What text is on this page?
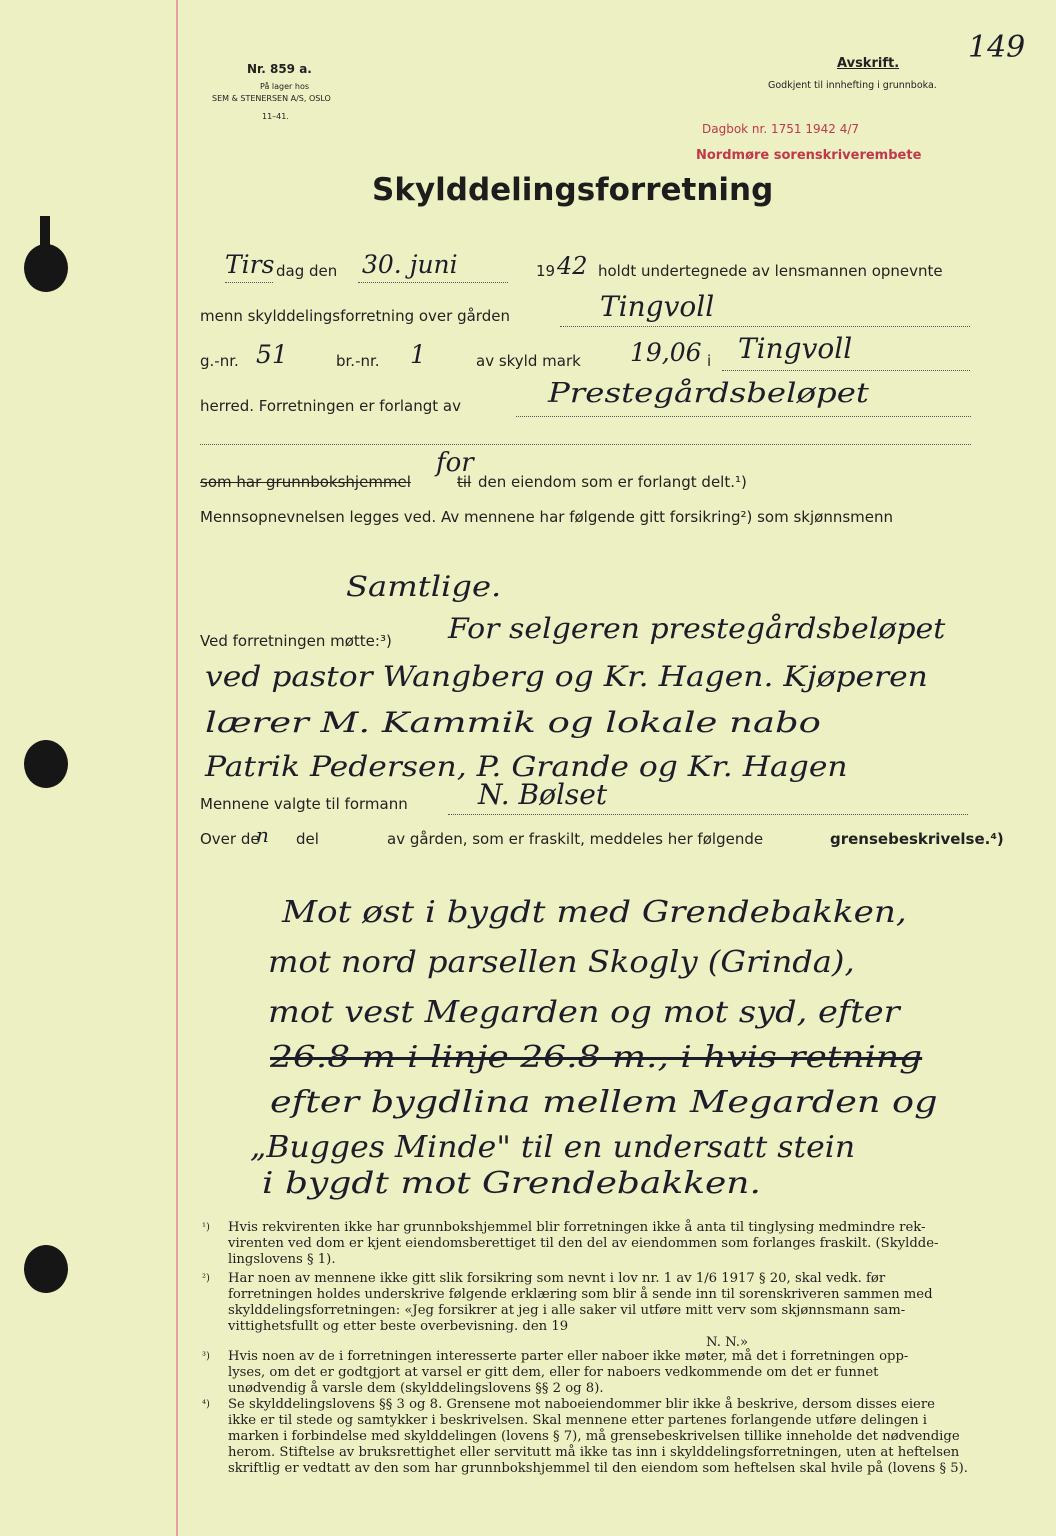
149
Nr. 859 a.
På lager hos
SEM & STENERSEN A/S, OSLO
11–41.
Avskrift.
Godkjent til innhefting i grunnboka.
Dagbok nr. 1751 1942 4/7
Nordmøre sorenskriverembete
Skylddelingsforretning
Tirs dag den 30. juni	19 42 holdt undertegnede av lensmannen opnevnte
menn skylddelingsforretning over gården	Tingvoll
g.-nr. 51	br.-nr. 1	av skyld mark 19,06 i Tingvoll
herred. Forretningen er forlangt av	Prestegårdsbeløpet
som har grunnbokshjemmel
for
til den eiendom som er forlangt delt.¹)
Mennsopnevnelsen legges ved. Av mennene har følgende gitt forsikring²) som skjønnsmenn
Samtlige.
Ved forretningen møtte:³) For selgeren prestegårdsbeløpet
ved pastor Wangberg og Kr. Hagen. Kjøperen
lærer M. Kammik og lokale nabo
Patrik Pedersen, P. Grande og Kr. Hagen
Mennene valgte til formann	N. Bølset
Over de
n del	av gården, som er fraskilt, meddeles her følgende	grensebeskrivelse.⁴)
Mot øst i bygdt med Grendebakken,
mot nord parsellen Skogly (Grinda),
mot vest Megarden og mot syd, efter
26.8 m i linje 26.8 m., i hvis retning
efter bygdlina mellem Megarden og
„Bugges Minde" til en undersatt stein
i bygdt mot Grendebakken.
¹) Hvis rekvirenten ikke har grunnbokshjemmel blir forretningen ikke å anta til tinglysing medmindre rek-
virenten ved dom er kjent eiendomsberettiget til den del av eiendommen som forlanges fraskilt. (Skyldde-
lingslovens § 1).
²) Har noen av mennene ikke gitt slik forsikring som nevnt i lov nr. 1 av 1/6 1917 § 20, skal vedk. før
forretningen holdes underskrive følgende erklæring som blir å sende inn til sorenskriveren sammen med
skylddelingsforretningen: «Jeg forsikrer at jeg i alle saker vil utføre mitt verv som skjønnsmann sam-
vittighetsfullt og etter beste overbevisning. den 19
N. N.»
³) Hvis noen av de i forretningen interesserte parter eller naboer ikke møter, må det i forretningen opp-
lyses, om det er godtgjort at varsel er gitt dem, eller for naboers vedkommende om det er funnet
unødvendig å varsle dem (skylddelingslovens §§ 2 og 8).
⁴) Se skylddelingslovens §§ 3 og 8. Grensene mot naboeiendommer blir ikke å beskrive, dersom disses eiere
ikke er til stede og samtykker i beskrivelsen. Skal mennene etter partenes forlangende utføre delingen i
marken i forbindelse med skylddelingen (lovens § 7), må grensebeskrivelsen tillike inneholde det nødvendige
herom. Stiftelse av bruksrettighet eller servitutt må ikke tas inn i skylddelingsforretningen, uten at heftelsen
skriftlig er vedtatt av den som har grunnbokshjemmel til den eiendom som heftelsen skal hvile på (lovens § 5).
